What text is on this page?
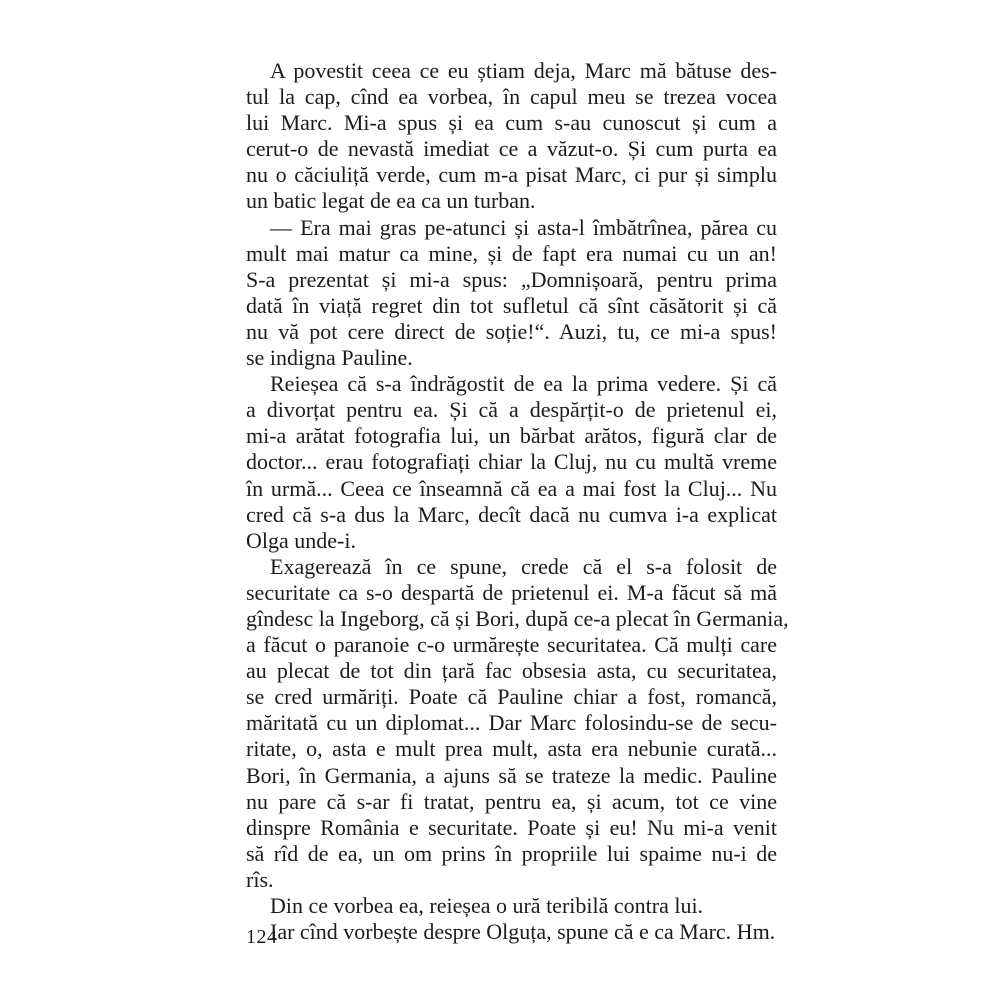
A povestit ceea ce eu știam deja, Marc mă bătuse des-
tul la cap, cînd ea vorbea, în capul meu se trezea vocea
lui Marc. Mi-a spus și ea cum s-au cunoscut și cum a
cerut-o de nevastă imediat ce a văzut-o. Și cum purta ea
nu o căciuliță verde, cum m-a pisat Marc, ci pur și simplu
un batic legat de ea ca un turban.
— Era mai gras pe-atunci și asta-l îmbătrînea, părea cu
mult mai matur ca mine, și de fapt era numai cu un an!
S-a prezentat și mi-a spus: „Domnișoară, pentru prima
dată în viață regret din tot sufletul că sînt căsătorit și că
nu vă pot cere direct de soție!“. Auzi, tu, ce mi-a spus!
se indigna Pauline.
Reieșea că s-a îndrăgostit de ea la prima vedere. Și că
a divorțat pentru ea. Și că a despărțit-o de prietenul ei,
mi-a arătat fotografia lui, un bărbat arătos, figură clar de
doctor... erau fotografiați chiar la Cluj, nu cu multă vreme
în urmă... Ceea ce înseamnă că ea a mai fost la Cluj... Nu
cred că s-a dus la Marc, decît dacă nu cumva i-a explicat
Olga unde-i.
Exagerează în ce spune, crede că el s-a folosit de
securitate ca s-o despartă de prietenul ei. M-a făcut să mă
gîndesc la Ingeborg, că și Bori, după ce-a plecat în Germania,
a făcut o paranoie c-o urmărește securitatea. Că mulți care
au plecat de tot din țară fac obsesia asta, cu securitatea,
se cred urmăriți. Poate că Pauline chiar a fost, romancă,
măritată cu un diplomat... Dar Marc folosindu-se de secu-
ritate, o, asta e mult prea mult, asta era nebunie curată...
Bori, în Germania, a ajuns să se trateze la medic. Pauline
nu pare că s-ar fi tratat, pentru ea, și acum, tot ce vine
dinspre România e securitate. Poate și eu! Nu mi-a venit
să rîd de ea, un om prins în propriile lui spaime nu-i de
rîs.
Din ce vorbea ea, reieșea o ură teribilă contra lui.
Iar cînd vorbește despre Olguța, spune că e ca Marc. Hm.
124
